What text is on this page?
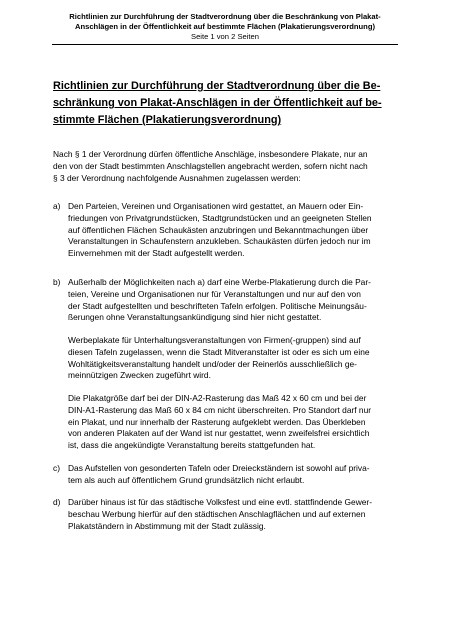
Richtlinien zur Durchführung der Stadtverordnung über die Beschränkung von Plakat-
Anschlägen in der Öffentlichkeit auf bestimmte Flächen (Plakatierungsverordnung)
Seite 1 von 2 Seiten
Richtlinien zur Durchführung der Stadtverordnung über die Be-
schränkung von Plakat-Anschlägen in der Öffentlichkeit auf be-
stimmte Flächen (Plakatierungsverordnung)
Nach § 1 der Verordnung dürfen öffentliche Anschläge, insbesondere Plakate, nur an
den von der Stadt bestimmten Anschlagstellen angebracht werden, sofern nicht nach
§ 3 der Verordnung nachfolgende Ausnahmen zugelassen werden:
a) Den Parteien, Vereinen und Organisationen wird gestattet, an Mauern oder Ein-
friedungen von Privatgrundstücken, Stadtgrundstücken und an geeigneten Stellen
auf öffentlichen Flächen Schaukästen anzubringen und Bekanntmachungen über
Veranstaltungen in Schaufenstern anzukleben. Schaukästen dürfen jedoch nur im
Einvernehmen mit der Stadt aufgestellt werden.
b) Außerhalb der Möglichkeiten nach a) darf eine Werbe-Plakatierung durch die Par-
teien, Vereine und Organisationen nur für Veranstaltungen und nur auf den von
der Stadt aufgestellten und beschrifteten Tafeln erfolgen. Politische Meinungsäu-
ßerungen ohne Veranstaltungsankündigung sind hier nicht gestattet.
Werbeplakate für Unterhaltungsveranstaltungen von Firmen(-gruppen) sind auf
diesen Tafeln zugelassen, wenn die Stadt Mitveranstalter ist oder es sich um eine
Wohltätigkeitsveranstaltung handelt und/oder der Reinerlös ausschließlich ge-
meinnützigen Zwecken zugeführt wird.
Die Plakatgröße darf bei der DIN-A2-Rasterung das Maß 42 x 60 cm und bei der
DIN-A1-Rasterung das Maß 60 x 84 cm nicht überschreiten. Pro Standort darf nur
ein Plakat, und nur innerhalb der Rasterung aufgeklebt werden. Das Überkleben
von anderen Plakaten auf der Wand ist nur gestattet, wenn zweifelsfrei ersichtlich
ist, dass die angekündigte Veranstaltung bereits stattgefunden hat.
c) Das Aufstellen von gesonderten Tafeln oder Dreieckständern ist sowohl auf priva-
tem als auch auf öffentlichem Grund grundsätzlich nicht erlaubt.
d) Darüber hinaus ist für das städtische Volksfest und eine evtl. stattfindende Gewer-
beschau Werbung hierfür auf den städtischen Anschlagflächen und auf externen
Plakatständern in Abstimmung mit der Stadt zulässig.
